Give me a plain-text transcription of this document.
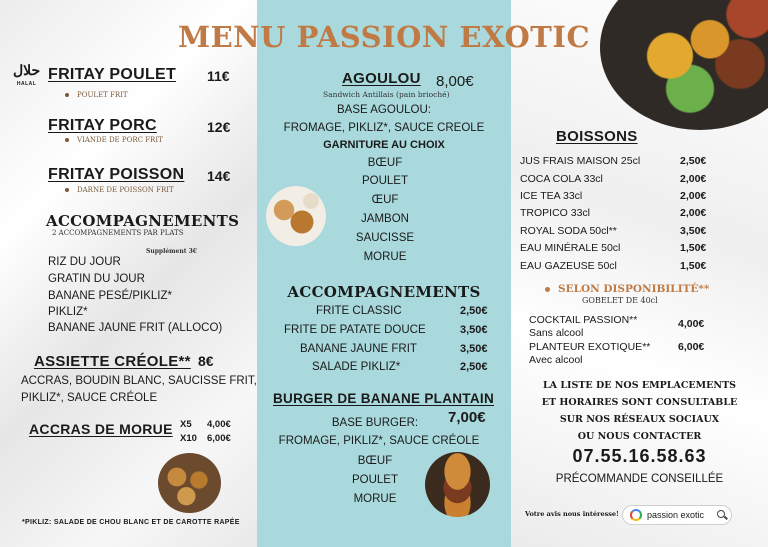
MENU PASSION EXOTIC
حلال
HALAL
FRITAY POULET 11€
POULET FRIT
FRITAY PORC	12€
VIANDE DE PORC FRIT
FRITAY POISSON 14€
DARNE DE POISSON FRIT
ACCOMPAGNEMENTS
2 ACCOMPAGNEMENTS PAR PLATS
Supplément 3€
RIZ DU JOUR
GRATIN DU JOUR
BANANE PESÉ/PIKLIZ*
PIKLIZ*
BANANE JAUNE FRIT (ALLOCO)
ASSIETTE CRÉOLE** 8€
ACCRAS, BOUDIN BLANC, SAUCISSE FRIT,
PIKLIZ*, SAUCE CRÉOLE
ACCRAS DE MORUE X5 4,00€
X10 6,00€
*PIKLIZ: SALADE DE CHOU BLANC ET DE CAROTTE RAPÉE
AGOULOU 8,00€
Sandwich Antillais (pain brioché)
BASE AGOULOU:
FROMAGE, PIKLIZ*, SAUCE CREOLE
GARNITURE AU CHOIX
BŒUF
POULET
ŒUF
JAMBON
SAUCISSE
MORUE
ACCOMPAGNEMENTS
FRITE CLASSIC	2,50€
FRITE DE PATATE DOUCE	3,50€
BANANE JAUNE FRIT	3,50€
SALADE PIKLIZ*	2,50€
BURGER DE BANANE PLANTAIN
7,00€
BASE BURGER:
FROMAGE, PIKLIZ*, SAUCE CRÉOLE
BŒUF
POULET
MORUE
BOISSONS
JUS FRAIS MAISON 25cl	2,50€
COCA COLA 33cl	2,00€
ICE TEA 33cl	2,00€
TROPICO 33cl	2,00€
ROYAL SODA 50cl**	3,50€
EAU MINÉRALE 50cl	1,50€
EAU GAZEUSE 50cl	1,50€
SELON DISPONIBILITÉ**
GOBELET DE 40cl
COCKTAIL PASSION**
Sans alcool
4,00€
PLANTEUR EXOTIQUE**
Avec alcool
6,00€
LA LISTE DE NOS EMPLACEMENTS
ET HORAIRES SONT CONSULTABLE
SUR NOS RÉSEAUX SOCIAUX
OU NOUS CONTACTER
07.55.16.58.63
PRÉCOMMANDE CONSEILLÉE
Votre avis nous intéresse!	passion exotic
